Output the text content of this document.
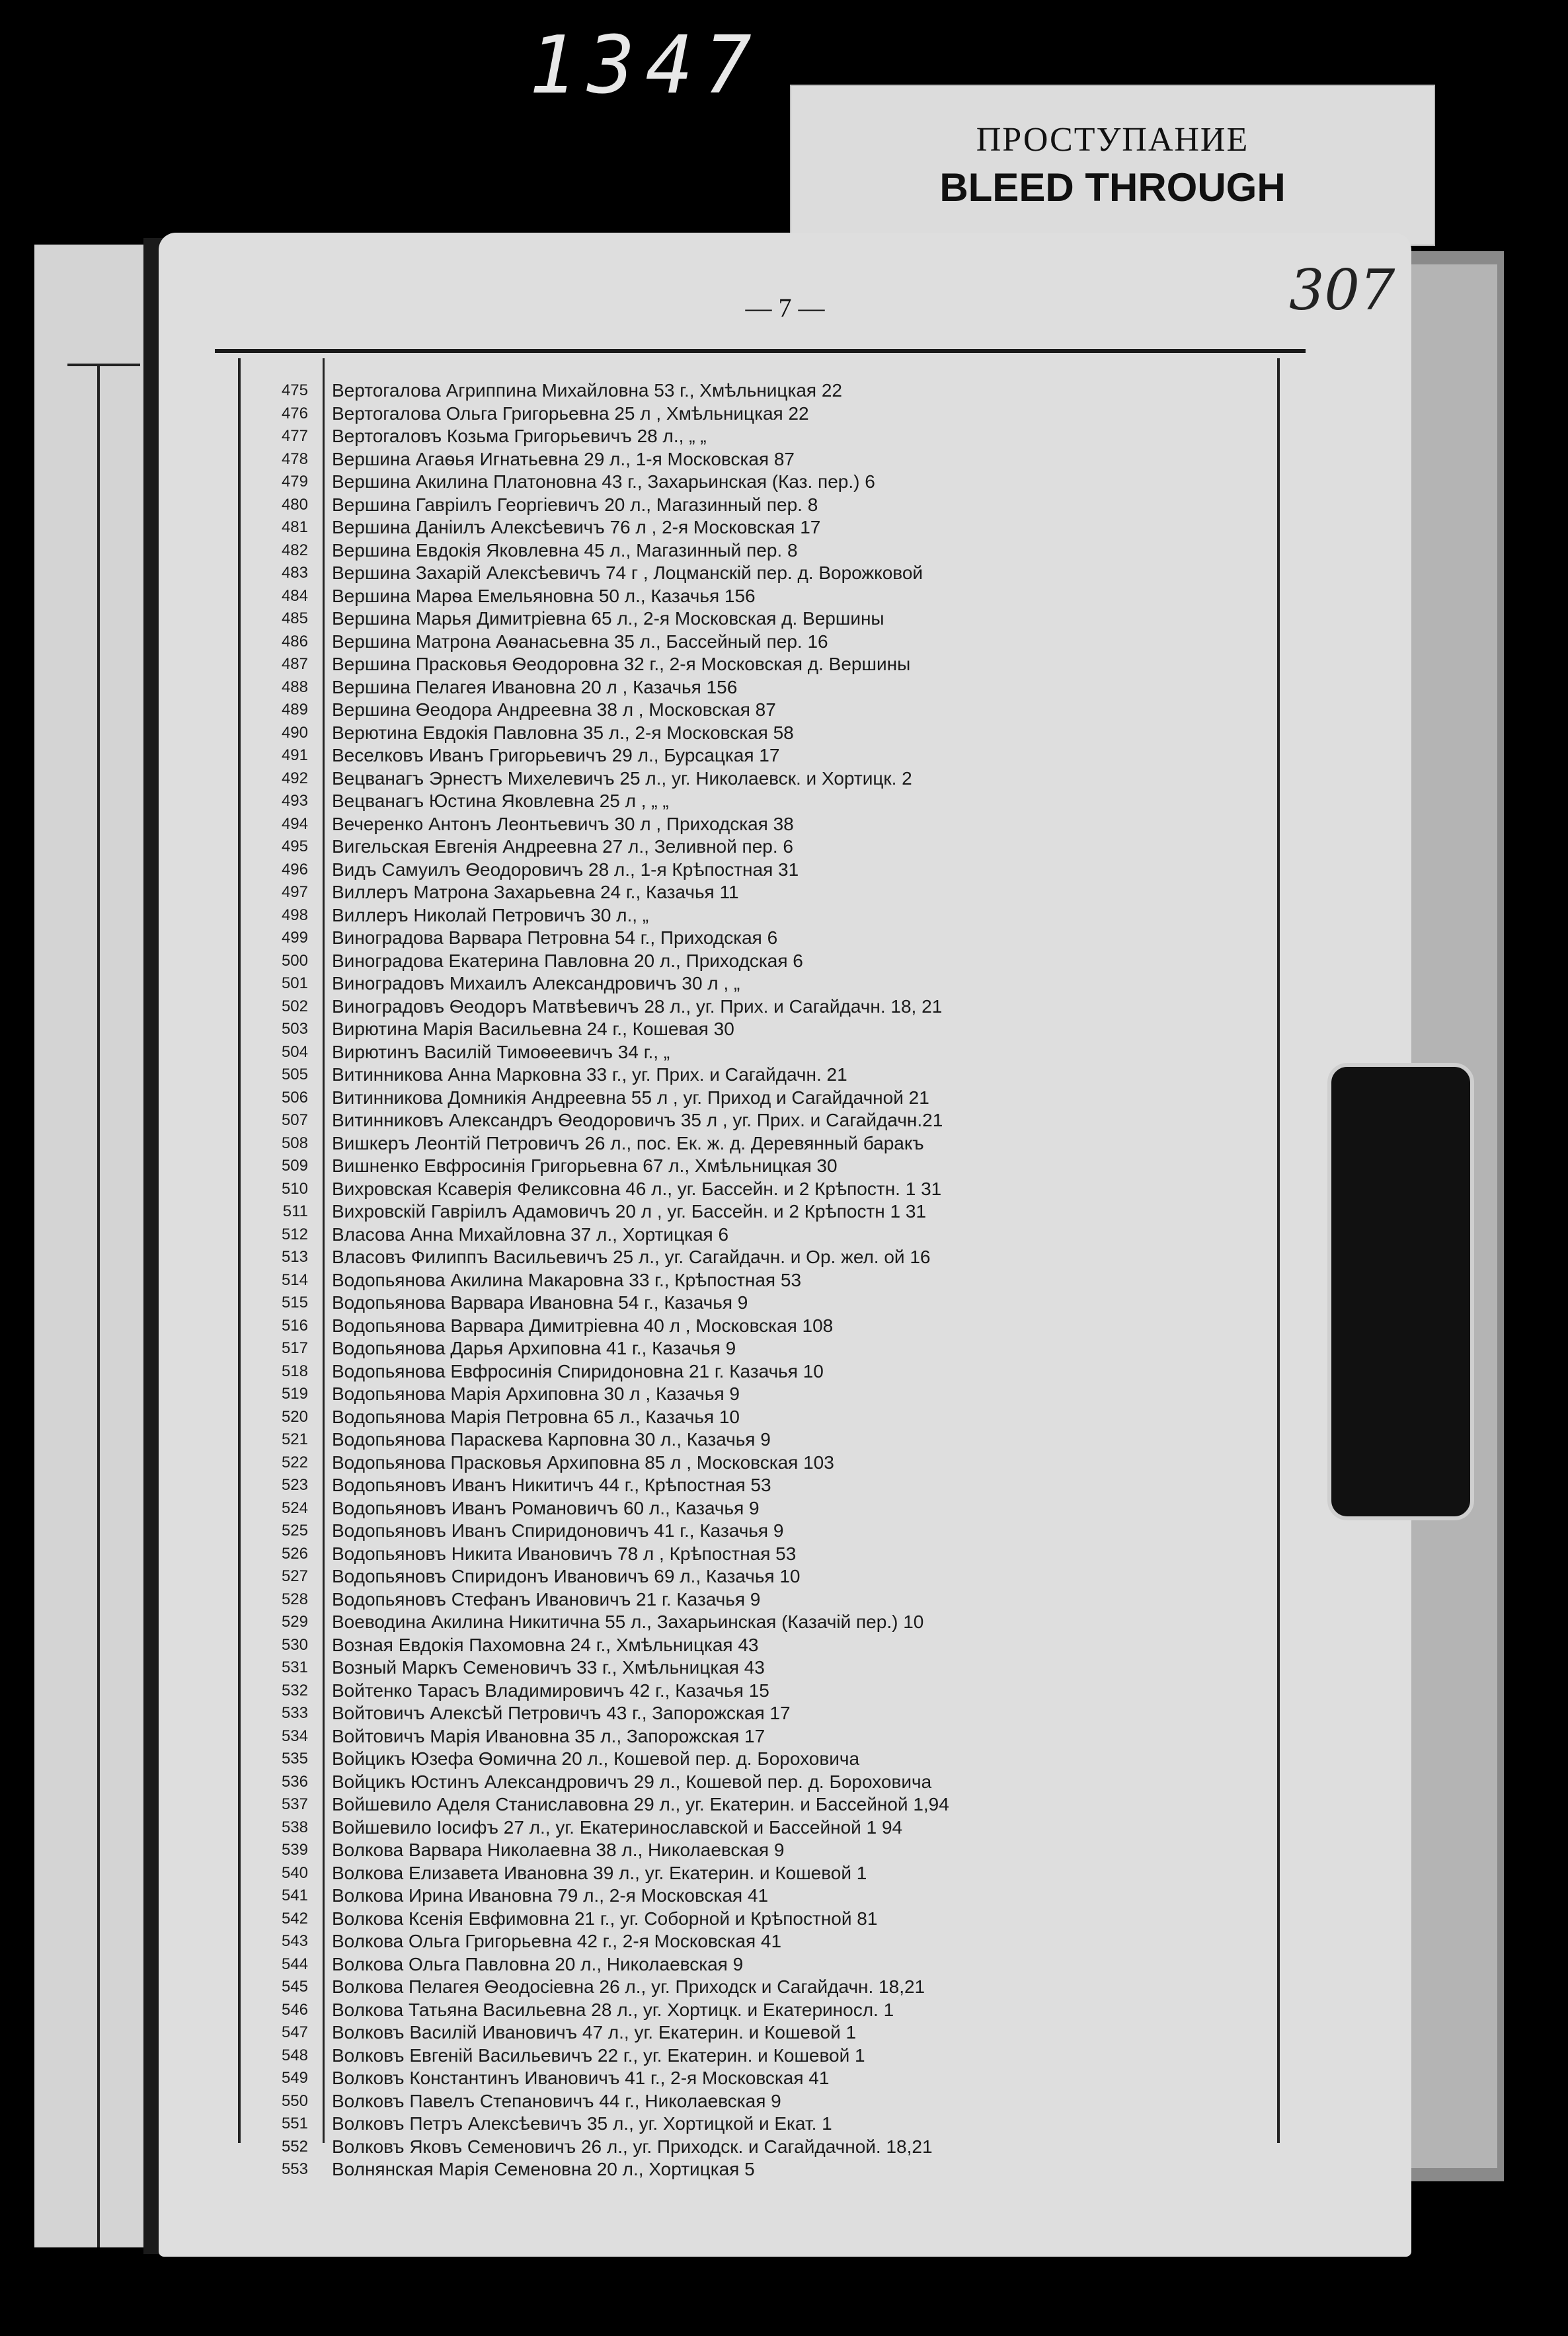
1347
ПРОСТУПАНИЕ
BLEED THROUGH
— 7 —	307
475	Вертогалова Агриппина Михайловна 53 г., Хмѣльницкая 22
476	Вертогалова Ольга Григорьевна 25 л , Хмѣльницкая 22
477	Вертогаловъ Козьма Григорьевичъ 28 л., „ „
478	Вершина Агаѳья Игнатьевна 29 л., 1-я Московская 87
479	Вершина Акилина Платоновна 43 г., Захарьинская (Каз. пер.) 6
480	Вершина Гавріилъ Георгіевичъ 20 л., Магазинный пер. 8
481	Вершина Даніилъ Алексѣевичъ 76 л , 2-я Московская 17
482	Вершина Евдокія Яковлевна 45 л., Магазинный пер. 8
483	Вершина Захарій Алексѣевичъ 74 г , Лоцманскій пер. д. Ворожковой
484	Вершина Марѳа Емельяновна 50 л., Казачья 156
485	Вершина Марья Димитріевна 65 л., 2-я Московская д. Вершины
486	Вершина Матрона Аѳанасьевна 35 л., Бассейный пер. 16
487	Вершина Прасковья Ѳеодоровна 32 г., 2-я Московская д. Вершины
488	Вершина Пелагея Ивановна 20 л , Казачья 156
489	Вершина Ѳеодора Андреевна 38 л , Московская 87
490	Верютина Евдокія Павловна 35 л., 2-я Московская 58
491	Веселковъ Иванъ Григорьевичъ 29 л., Бурсацкая 17
492	Вецванагъ Эрнестъ Михелевичъ 25 л., уг. Николаевск. и Хортицк. 2
493	Вецванагъ Юстина Яковлевна 25 л , „ „
494	Вечеренко Антонъ Леонтьевичъ 30 л , Приходская 38
495	Вигельская Евгенія Андреевна 27 л., Зеливной пер. 6
496	Видъ Самуилъ Ѳеодоровичъ 28 л., 1-я Крѣпостная 31
497	Виллеръ Матрона Захарьевна 24 г., Казачья 11
498	Виллеръ Николай Петровичъ 30 л., „
499	Виноградова Варвара Петровна 54 г., Приходская 6
500	Виноградова Екатерина Павловна 20 л., Приходская 6
501	Виноградовъ Михаилъ Александровичъ 30 л , „
502	Виноградовъ Ѳеодоръ Матвѣевичъ 28 л., уг. Прих. и Сагайдачн. 18, 21
503	Вирютина Марія Васильевна 24 г., Кошевая 30
504	Вирютинъ Василій Тимоѳеевичъ 34 г., „
505	Витинникова Анна Марковна 33 г., уг. Прих. и Сагайдачн. 21
506	Витинникова Домникія Андреевна 55 л , уг. Приход и Сагайдачной 21
507	Витинниковъ Александръ Ѳеодоровичъ 35 л , уг. Прих. и Сагайдачн.21
508	Вишкеръ Леонтій Петровичъ 26 л., пос. Ек. ж. д. Деревянный баракъ
509	Вишненко Евфросинія Григорьевна 67 л., Хмѣльницкая 30
510	Вихровская Ксаверія Феликсовна 46 л., уг. Бассейн. и 2 Крѣпостн. 1 31
511	Вихровскій Гавріилъ Адамовичъ 20 л , уг. Бассейн. и 2 Крѣпостн 1 31
512	Власова Анна Михайловна 37 л., Хортицкая 6
513	Власовъ Филиппъ Васильевичъ 25 л., уг. Сагайдачн. и Ор. жел. ой 16
514	Водопьянова Акилина Макаровна 33 г., Крѣпостная 53
515	Водопьянова Варвара Ивановна 54 г., Казачья 9
516	Водопьянова Варвара Димитріевна 40 л , Московская 108
517	Водопьянова Дарья Архиповна 41 г., Казачья 9
518	Водопьянова Евфросинія Спиридоновна 21 г. Казачья 10
519	Водопьянова Марія Архиповна 30 л , Казачья 9
520	Водопьянова Марія Петровна 65 л., Казачья 10
521	Водопьянова Параскева Карповна 30 л., Казачья 9
522	Водопьянова Прасковья Архиповна 85 л , Московская 103
523	Водопьяновъ Иванъ Никитичъ 44 г., Крѣпостная 53
524	Водопьяновъ Иванъ Романовичъ 60 л., Казачья 9
525	Водопьяновъ Иванъ Спиридоновичъ 41 г., Казачья 9
526	Водопьяновъ Никита Ивановичъ 78 л , Крѣпостная 53
527	Водопьяновъ Спиридонъ Ивановичъ 69 л., Казачья 10
528	Водопьяновъ Стефанъ Ивановичъ 21 г. Казачья 9
529	Воеводина Акилина Никитична 55 л., Захарьинская (Казачій пер.) 10
530	Возная Евдокія Пахомовна 24 г., Хмѣльницкая 43
531	Возный Маркъ Семеновичъ 33 г., Хмѣльницкая 43
532	Войтенко Тарасъ Владимировичъ 42 г., Казачья 15
533	Войтовичъ Алексѣй Петровичъ 43 г., Запорожская 17
534	Войтовичъ Марія Ивановна 35 л., Запорожская 17
535	Войцикъ Юзефа Ѳомична 20 л., Кошевой пер. д. Бороховича
536	Войцикъ Юстинъ Александровичъ 29 л., Кошевой пер. д. Бороховича
537	Войшевило Аделя Станиславовна 29 л., уг. Екатерин. и Бассейной 1,94
538	Войшевило Іосифъ 27 л., уг. Екатеринославской и Бассейной 1 94
539	Волкова Варвара Николаевна 38 л., Николаевская 9
540	Волкова Елизавета Ивановна 39 л., уг. Екатерин. и Кошевой 1
541	Волкова Ирина Ивановна 79 л., 2-я Московская 41
542	Волкова Ксенія Евфимовна 21 г., уг. Соборной и Крѣпостной 81
543	Волкова Ольга Григорьевна 42 г., 2-я Московская 41
544	Волкова Ольга Павловна 20 л., Николаевская 9
545	Волкова Пелагея Ѳеодосіевна 26 л., уг. Приходск и Сагайдачн. 18,21
546	Волкова Татьяна Васильевна 28 л., уг. Хортицк. и Екатериносл. 1
547	Волковъ Василій Ивановичъ 47 л., уг. Екатерин. и Кошевой 1
548	Волковъ Евгеній Васильевичъ 22 г., уг. Екатерин. и Кошевой 1
549	Волковъ Константинъ Ивановичъ 41 г., 2-я Московская 41
550	Волковъ Павелъ Степановичъ 44 г., Николаевская 9
551	Волковъ Петръ Алексѣевичъ 35 л., уг. Хортицкой и Екат. 1
552	Волковъ Яковъ Семеновичъ 26 л., уг. Приходск. и Сагайдачной. 18,21
553	Волнянская Марія Семеновна 20 л., Хортицкая 5
